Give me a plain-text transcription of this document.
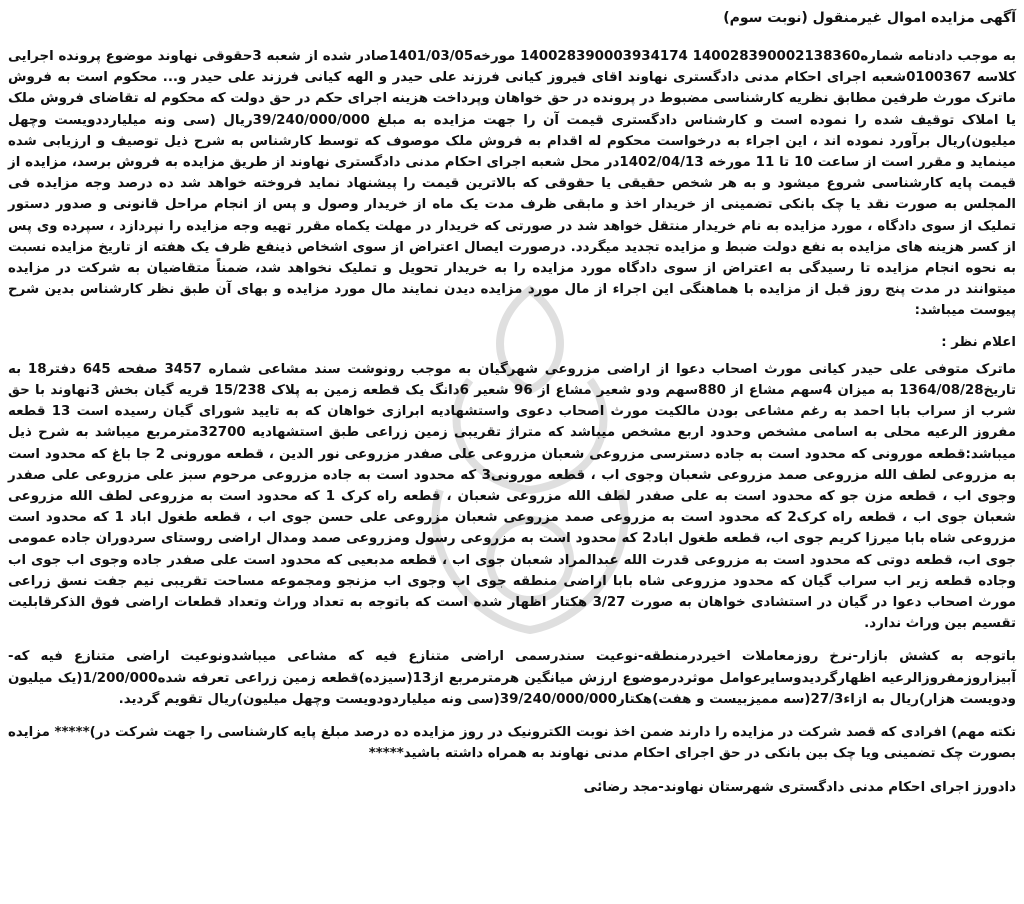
آگهی مزایده اموال غیرمنقول (نوبت سوم)

به موجب دادنامه شماره140028390002138360 140028390003934174 مورخه1401/03/05صادر شده از شعبه 3حقوقی نهاوند موضوع پرونده اجرایی کلاسه 0100367شعبه اجرای احکام مدنی دادگستری نهاوند اقای فیروز کیانی فرزند علی حیدر و الهه کیانی فرزند علی حیدر و... محکوم است به فروش ماترک مورث طرفین مطابق نظریه کارشناسی مضبوط در پرونده در حق خواهان وپرداخت هزینه اجرای حکم در حق دولت که محکوم له تقاضای فروش ملک یا املاک توقیف شده را نموده است و کارشناس دادگستری قیمت آن را جهت مزایده به مبلغ 39/240/000/000ریال (سی ونه میلیارددویست وچهل میلیون)ریال برآورد نموده اند ، این اجراء به درخواست محکوم له اقدام به فروش ملک موصوف که توسط کارشناس به شرح ذیل توصیف و ارزیابی شده مینماید و مقرر است از ساعت 10 تا 11 مورخه 1402/04/13در محل شعبه اجرای احکام مدنی دادگستری نهاوند از طریق مزایده به فروش برسد، مزایده از قیمت پایه کارشناسی شروع میشود و به هر شخص حقیقی یا حقوقی که بالاترین قیمت را پیشنهاد نماید فروخته خواهد شد ده درصد وجه مزایده فی المجلس به صورت نقد یا چک بانکی تضمینی از خریدار اخذ و مابقی ظرف مدت یک ماه از خریدار وصول و پس از انجام مراحل قانونی و صدور دستور تملیک از سوی دادگاه ، مورد مزایده به نام خریدار منتقل خواهد شد در صورتی که خریدار در مهلت یکماه مقرر تهیه وجه مزایده را نپردازد ، سپرده وی پس از کسر هزینه های مزایده به نفع دولت ضبط و مزایده تجدید میگردد. درصورت ایصال اعتراض از سوی اشخاص ذینفع ظرف یک هفته از تاریخ مزایده نسبت به نحوه انجام مزایده تا رسیدگی به اعتراض از سوی دادگاه مورد مزایده را به خریدار تحویل و تملیک نخواهد شد، ضمناً متقاضیان به شرکت در مزایده میتوانند در مدت پنج روز قبل از مزایده با هماهنگی این اجراء از مال مورد مزایده دیدن نمایند مال مورد مزایده و بهای آن طبق نظر کارشناس بدین شرح پیوست میباشد:

اعلام نظر :

ماترک متوفی علی حیدر کیانی مورث اصحاب دعوا از اراضی مزروعی شهرگیان به موجب رونوشت سند مشاعی شماره 3457 صفحه 645 دفتر18 به تاریخ1364/08/28 به میزان 4سهم مشاع از 880سهم ودو شعیر مشاع از 96 شعیر 6دانگ یک قطعه زمین به پلاک 15/238 قریه گیان بخش 3نهاوند با حق شرب از سراب بابا احمد به رغم مشاعی بودن مالکیت مورث اصحاب دعوی واستشهادیه ابرازی خواهان که به تایید شورای گیان رسیده است 13 قطعه مفروز الرعیه محلی به اسامی مشخص وحدود اربع مشخص میباشد که متراژ تقریبی زمین زراعی طبق استشهادیه 32700مترمربع میباشد به شرح ذیل میباشد:قطعه مورونی که محدود است به جاده دسترسی مزروعی شعبان مزروعی علی صفدر مزروعی نور الدین ، قطعه مورونی 2 جا باغ که محدود است به مزروعی لطف الله مزروعی صمد مزروعی شعبان وجوی اب ، قطعه مورونی3 که محدود است به جاده مزروعی مرحوم سبز علی مزروعی علی صفدر وجوی اب ، قطعه مزن جو که محدود است به علی صفدر لطف الله مزروعی شعبان ، قطعه راه کرک 1 که محدود است به مزروعی لطف الله مزروعی شعبان جوی اب ، قطعه راه کرک2 که محدود است به مزروعی صمد مزروعی شعبان مزروعی علی حسن جوی اب ، قطعه طغول اباد 1 که محدود است مزروعی شاه بابا میرزا کریم جوی اب، قطعه طغول اباد2 که محدود است به مزروعی رسول ومزروعی صمد ومدال اراضی روستای سردوران جاده عمومی جوی اب، قطعه دوتی که محدود است به مزروعی قدرت الله عبدالمراد شعبان جوی اب ، قطعه مدبعیی که محدود است علی صفدر جاده وجوی اب جوی اب وجاده قطعه زیر اب سراب گیان که محدود مزروعی شاه بابا اراضی منطقه جوی اب وجوی اب مزنجو ومجموعه مساحت تقریبی نیم جفت نسق زراعی مورث اصحاب دعوا در گیان در استشادی خواهان به صورت 3/27 هکتار اظهار شده است که باتوجه به تعداد وراث وتعداد قطعات اراضی فوق الذکرقابلیت تقسیم بین وراث ندارد.

باتوجه به کشش بازار-نرخ روزمعاملات اخیردرمنطقه-نوعیت سندرسمی اراضی متنازع فیه که مشاعی میباشدونوعیت اراضی متنازع فیه که- آبیزاروزمفروزالرعیه اظهارگردیدوسایرعوامل موثردرموضوع ارزش میانگین هرمترمربع از13(سیزده)قطعه زمین زراعی تعرفه شده1/200/000(یک میلیون ودویست هزار)ریال به ازاء27/3(سه ممیزبیست و هفت)هکتار39/240/000/000(سی ونه میلیاردودویست وچهل میلیون)ریال تقویم گردید.

نکته مهم) افرادی که قصد شرکت در مزایده را دارند ضمن اخذ نوبت الکترونیک در روز مزایده ده درصد مبلغ پایه کارشناسی را جهت شرکت در)***** مزایده بصورت چک تضمینی ویا چک بین بانکی در حق اجرای احکام مدنی نهاوند به همراه داشته باشید*****

دادورز اجرای احکام مدنی دادگستری شهرستان نهاوند-مجد رضائی
